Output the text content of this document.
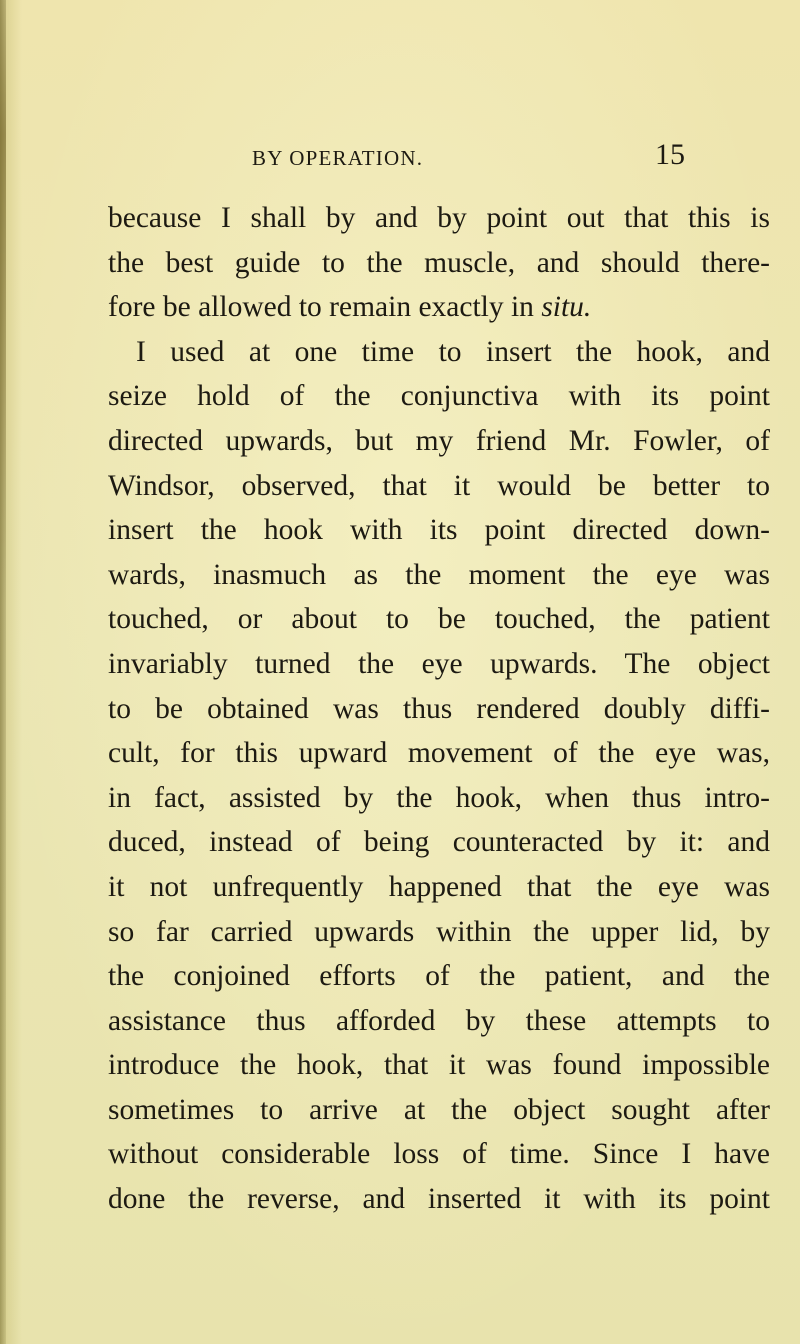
BY OPERATION.	15
because I shall by and by point out that this is
the best guide to the muscle, and should there-
fore be allowed to remain exactly in situ.
I used at one time to insert the hook, and
seize hold of the conjunctiva with its point
directed upwards, but my friend Mr. Fowler, of
Windsor, observed, that it would be better to
insert the hook with its point directed down-
wards, inasmuch as the moment the eye was
touched, or about to be touched, the patient
invariably turned the eye upwards. The object
to be obtained was thus rendered doubly diffi-
cult, for this upward movement of the eye was,
in fact, assisted by the hook, when thus intro-
duced, instead of being counteracted by it: and
it not unfrequently happened that the eye was
so far carried upwards within the upper lid, by
the conjoined efforts of the patient, and the
assistance thus afforded by these attempts to
introduce the hook, that it was found impossible
sometimes to arrive at the object sought after
without considerable loss of time. Since I have
done the reverse, and inserted it with its point
